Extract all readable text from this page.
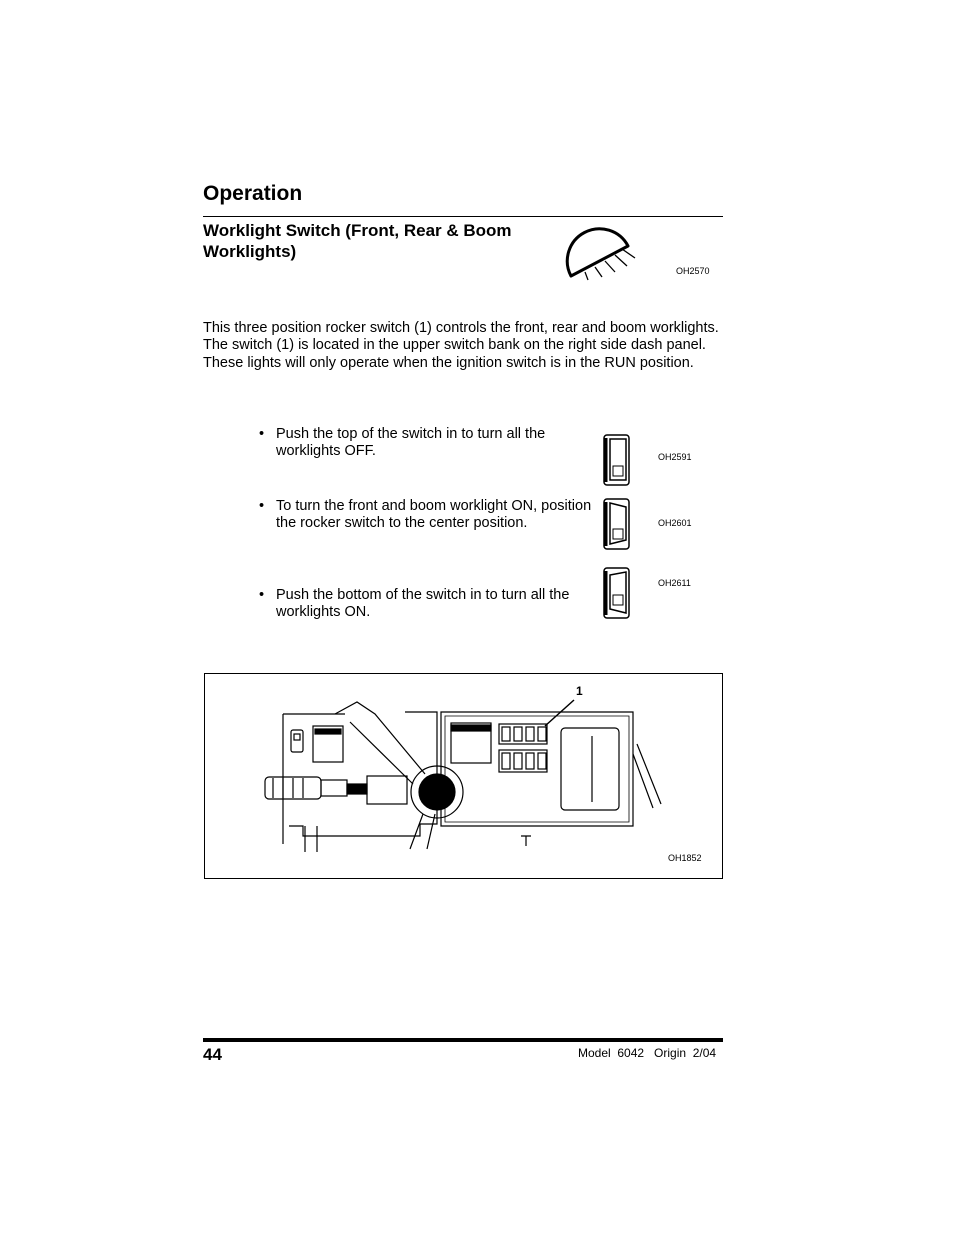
Operation
Worklight Switch (Front, Rear & Boom Worklights)
OH2570
This three position rocker switch (1) controls the front, rear and boom worklights. The switch (1) is located in the upper switch bank on the right side dash panel. These lights will only operate when the ignition switch is in the RUN position.
• Push the top of the switch in to turn all the worklights OFF.	OH2591
• To turn the front and boom worklight ON, position the rocker switch to the center position.	OH2601
• Push the bottom of the switch in to turn all the worklights ON.
OH2611
1
OH1852
44	Model  6042   Origin  2/04
